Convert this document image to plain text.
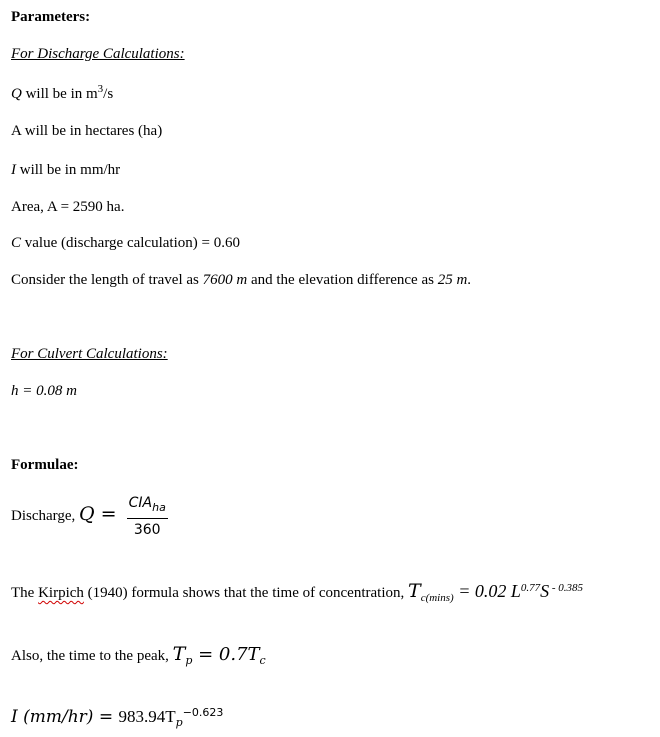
Parameters:
For Discharge Calculations:
Q will be in $m^3/s$
A will be in hectares (ha)
I will be in mm/hr
Area, A = 2590 ha.
C value (discharge calculation) = 0.60
Consider the length of travel as 7600 m and the elevation difference as 25 m.
For Culvert Calculations:
h = 0.08 m
Formulae:
Discharge, $Q = \frac{CIA_{ha}}{360}$
The Kirpich (1940) formula shows that the time of concentration, $T_{c(mins)} = 0.02$ $L^{0.77}S$ $^{- 0.385}$
Also, the time to the peak, $T_p = 0.7T_c$
I $(mm/hr) = 983.94T_p^{-0.623}$
